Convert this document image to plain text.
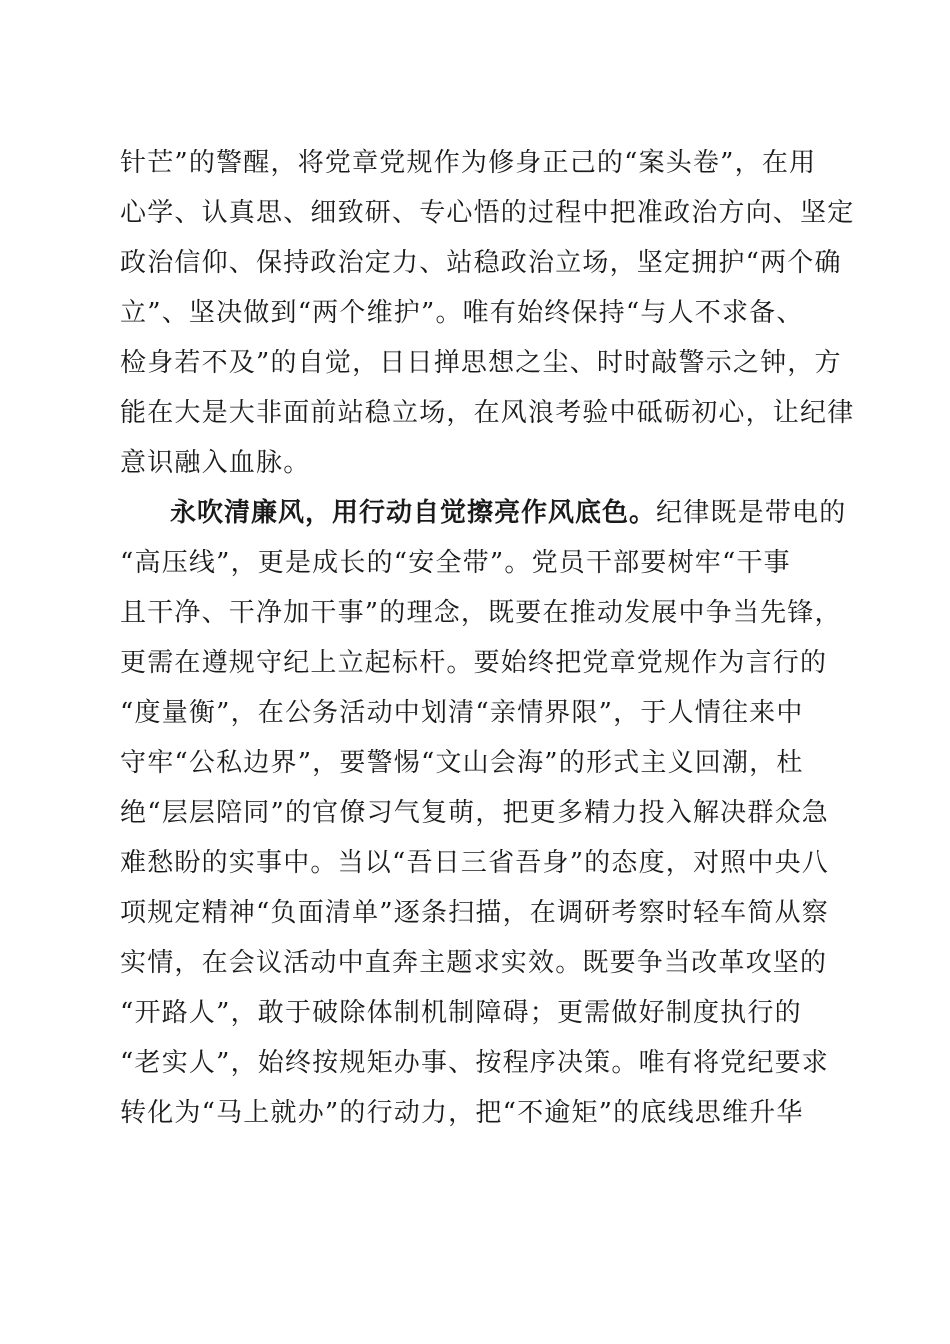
针芒”的警醒，将党章党规作为修身正己的“案头卷”，在用
心学、认真思、细致研、专心悟的过程中把准政治方向、坚定
政治信仰、保持政治定力、站稳政治立场，坚定拥护“两个确
立”、坚决做到“两个维护”。唯有始终保持“与人不求备、
检身若不及”的自觉，日日掸思想之尘、时时敲警示之钟，方
能在大是大非面前站稳立场，在风浪考验中砥砺初心，让纪律
意识融入血脉。
永吹清廉风，用行动自觉擦亮作风底色。纪律既是带电的
“高压线”，更是成长的“安全带”。党员干部要树牢“干事
且干净、干净加干事”的理念，既要在推动发展中争当先锋，
更需在遵规守纪上立起标杆。要始终把党章党规作为言行的
“度量衡”，在公务活动中划清“亲情界限”，于人情往来中
守牢“公私边界”，要警惕“文山会海”的形式主义回潮，杜
绝“层层陪同”的官僚习气复萌，把更多精力投入解决群众急
难愁盼的实事中。当以“吾日三省吾身”的态度，对照中央八
项规定精神“负面清单”逐条扫描，在调研考察时轻车简从察
实情，在会议活动中直奔主题求实效。既要争当改革攻坚的
“开路人”，敢于破除体制机制障碍；更需做好制度执行的
“老实人”，始终按规矩办事、按程序决策。唯有将党纪要求
转化为“马上就办”的行动力，把“不逾矩”的底线思维升华
